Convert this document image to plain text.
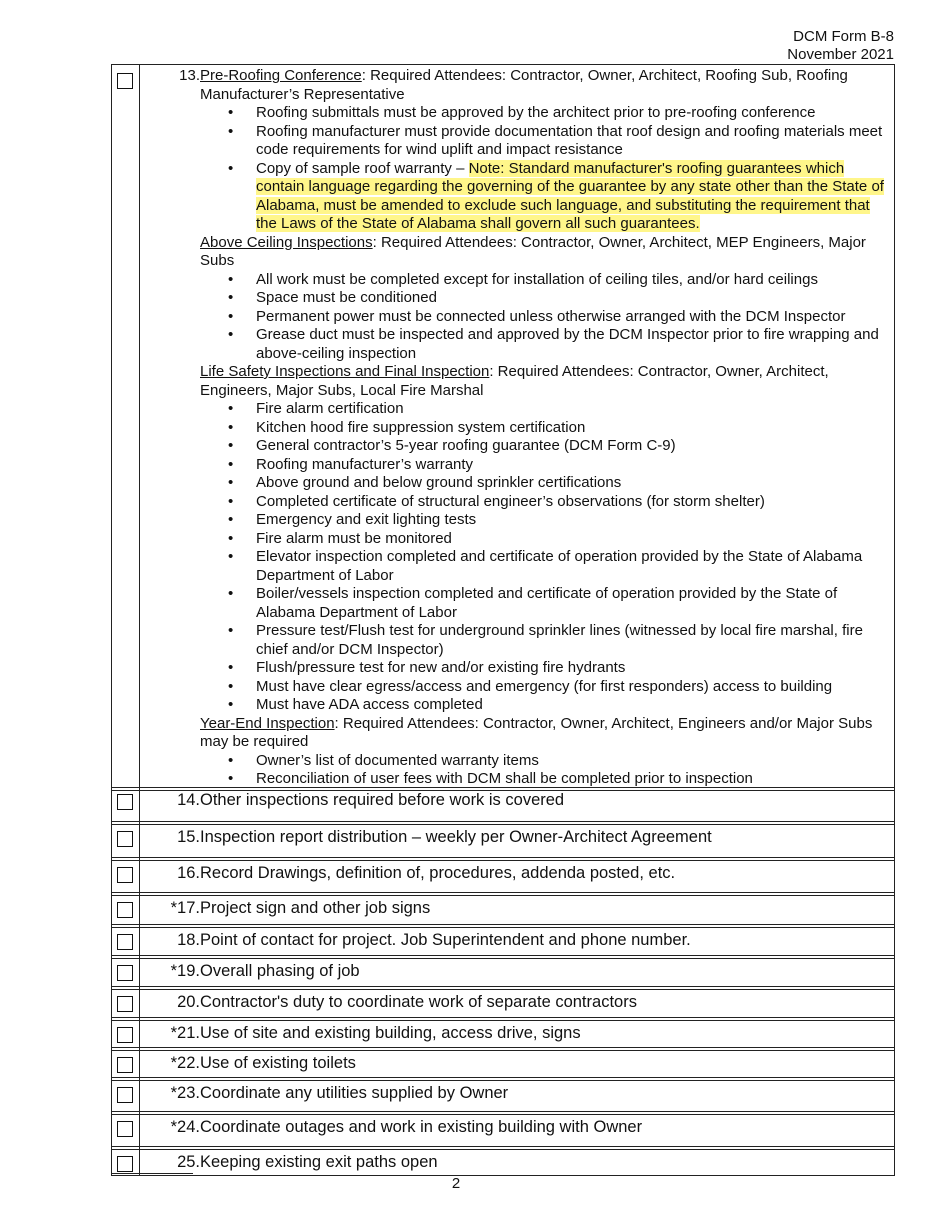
DCM Form B-8
November 2021
13. Pre-Roofing Conference: Required Attendees: Contractor, Owner, Architect, Roofing Sub, Roofing Manufacturer’s Representative

• Roofing submittals must be approved by the architect prior to pre-roofing conference
• Roofing manufacturer must provide documentation that roof design and roofing materials meet code requirements for wind uplift and impact resistance
• Copy of sample roof warranty – Note: Standard manufacturer's roofing guarantees which contain language regarding the governing of the guarantee by any state other than the State of Alabama, must be amended to exclude such language, and substituting the requirement that the Laws of the State of Alabama shall govern all such guarantees.

Above Ceiling Inspections: Required Attendees: Contractor, Owner, Architect, MEP Engineers, Major Subs

• All work must be completed except for installation of ceiling tiles, and/or hard ceilings
• Space must be conditioned
• Permanent power must be connected unless otherwise arranged with the DCM Inspector
• Grease duct must be inspected and approved by the DCM Inspector prior to fire wrapping and above-ceiling inspection

Life Safety Inspections and Final Inspection: Required Attendees: Contractor, Owner, Architect, Engineers, Major Subs, Local Fire Marshal

• Fire alarm certification
• Kitchen hood fire suppression system certification
• General contractor’s 5-year roofing guarantee (DCM Form C-9)
• Roofing manufacturer’s warranty
• Above ground and below ground sprinkler certifications
• Completed certificate of structural engineer’s observations (for storm shelter)
• Emergency and exit lighting tests
• Fire alarm must be monitored
• Elevator inspection completed and certificate of operation provided by the State of Alabama Department of Labor
• Boiler/vessels inspection completed and certificate of operation provided by the State of Alabama Department of Labor
• Pressure test/Flush test for underground sprinkler lines (witnessed by local fire marshal, fire chief and/or DCM Inspector)
• Flush/pressure test for new and/or existing fire hydrants
• Must have clear egress/access and emergency (for first responders) access to building
• Must have ADA access completed

Year-End Inspection: Required Attendees: Contractor, Owner, Architect, Engineers and/or Major Subs may be required

• Owner’s list of documented warranty items
• Reconciliation of user fees with DCM shall be completed prior to inspection
14. Other inspections required before work is covered
15. Inspection report distribution – weekly per Owner-Architect Agreement
16. Record Drawings, definition of, procedures, addenda posted, etc.
*17. Project sign and other job signs
18. Point of contact for project. Job Superintendent and phone number.
*19. Overall phasing of job
20. Contractor's duty to coordinate work of separate contractors
*21. Use of site and existing building, access drive, signs
*22. Use of existing toilets
*23. Coordinate any utilities supplied by Owner
*24. Coordinate outages and work in existing building with Owner
25. Keeping existing exit paths open
2
